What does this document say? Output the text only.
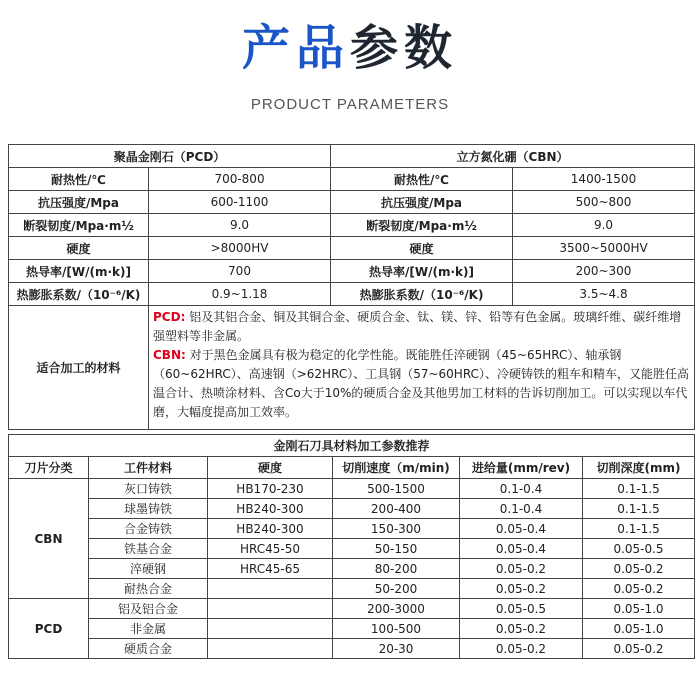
产品参数
PRODUCT PARAMETERS
聚晶金刚石（PCD）		立方氮化硼（CBN）	
耐热性/℃	700-800	耐热性/℃	1400-1500
抗压强度/Mpa	600-1100	抗压强度/Mpa	500~800
断裂韧度/Mpa·m½	9.0	断裂韧度/Mpa·m½	9.0
硬度	>8000HV	硬度	3500~5000HV
热导率/[W/(m·k)]	700	热导率/[W/(m·k)]	200~300
热膨胀系数/（10⁻⁶/K)	0.9~1.18	热膨胀系数/（10⁻⁶/K)	3.5~4.8
适合加工的材料	PCD: 铝及其铝合金、铜及其铜合金、硬质合金、钛、镁、锌、铅等有色金属。玻璃纤维、碳纤维增强塑料等非金属。
CBN: 对于黑色金属具有极为稳定的化学性能。既能胜任淬硬钢（45~65HRC）、轴承钢（60~62HRC）、高速钢（>62HRC）、工具钢（57~60HRC）、冷硬铸铁的粗车和精车，又能胜任高温合计、热喷涂材料、含Co大于10%的硬质合金及其他男加工材料的告诉切削加工。可以实现以车代磨，大幅度提高加工效率。		
金刚石刀具材料加工参数推荐					
刀片分类	工件材料	硬度	切削速度（m/min)	进给量(mm/rev)	切削深度(mm)
CBN	灰口铸铁	HB170-230	500-1500	0.1-0.4	0.1-1.5
	球墨铸铁	HB240-300	200-400	0.1-0.4	0.1-1.5
	合金铸铁	HB240-300	150-300	0.05-0.4	0.1-1.5
	铁基合金	HRC45-50	50-150	0.05-0.4	0.05-0.5
	淬硬钢	HRC45-65	80-200	0.05-0.2	0.05-0.2
	耐热合金		50-200	0.05-0.2	0.05-0.2
PCD	铝及铝合金		200-3000	0.05-0.5	0.05-1.0
	非金属		100-500	0.05-0.2	0.05-1.0
	硬质合金		20-30	0.05-0.2	0.05-0.2
